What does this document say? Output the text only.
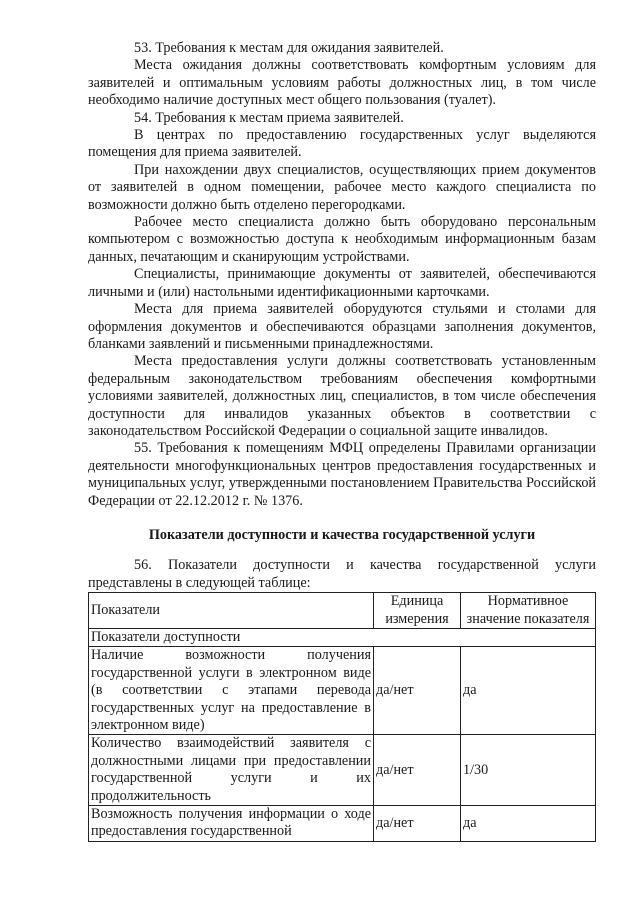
53. Требования к местам для ожидания заявителей.

Места ожидания должны соответствовать комфортным условиям для заявителей и оптимальным условиям работы должностных лиц, в том числе необходимо наличие доступных мест общего пользования (туалет).

54. Требования к местам приема заявителей.

В центрах по предоставлению государственных услуг выделяются помещения для приема заявителей.

При нахождении двух специалистов, осуществляющих прием документов от заявителей в одном помещении, рабочее место каждого специалиста по возможности должно быть отделено перегородками.

Рабочее место специалиста должно быть оборудовано персональным компьютером с возможностью доступа к необходимым информационным базам данных, печатающим и сканирующим устройствами.

Специалисты, принимающие документы от заявителей, обеспечиваются личными и (или) настольными идентификационными карточками.

Места для приема заявителей оборудуются стульями и столами для оформления документов и обеспечиваются образцами заполнения документов, бланками заявлений и письменными принадлежностями.

Места предоставления услуги должны соответствовать установленным федеральным законодательством требованиям обеспечения комфортными условиями заявителей, должностных лиц, специалистов, в том числе обеспечения доступности для инвалидов указанных объектов в соответствии с законодательством Российской Федерации о социальной защите инвалидов.

55. Требования к помещениям МФЦ определены Правилами организации деятельности многофункциональных центров предоставления государственных и муниципальных услуг, утвержденными постановлением Правительства Российской Федерации от 22.12.2012 г. № 1376.

Показатели доступности и качества государственной услуги

56. Показатели доступности и качества государственной услуги представлены в следующей таблице:

Показатели	Единица измерения	Нормативное значение показателя
Показатели доступности		
Наличие возможности получения государственной услуги в электронном виде (в соответствии с этапами перевода государственных услуг на предоставление в электронном виде)	да/нет	да
Количество взаимодействий заявителя с должностными лицами при предоставлении государственной услуги и их продолжительность	да/нет	1/30
Возможность получения информации о ходе предоставления государственной	да/нет	да
